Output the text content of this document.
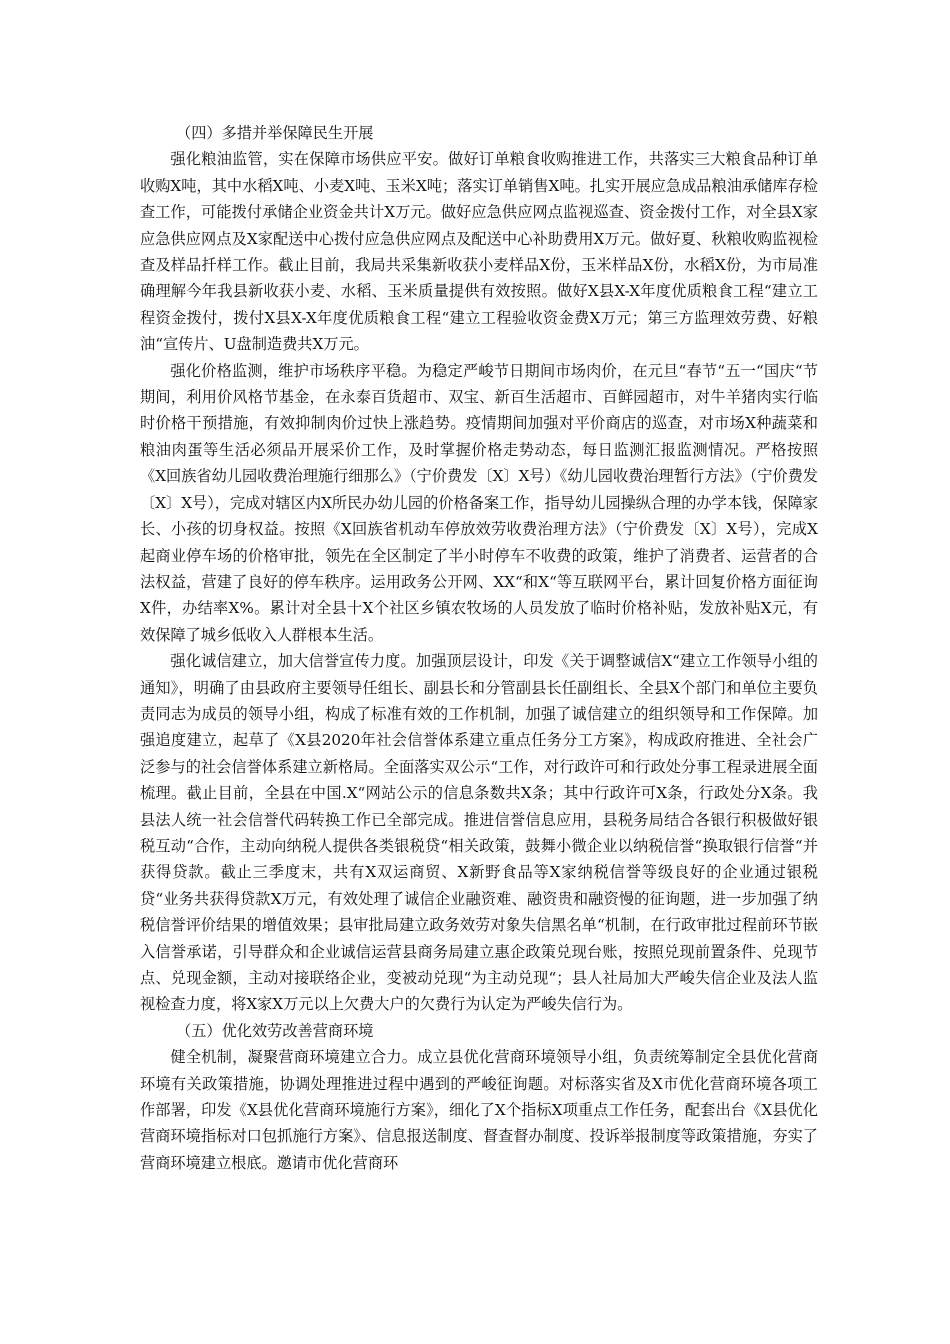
（四）多措并举保障民生开展

强化粮油监管，实在保障市场供应平安。做好订单粮食收购推进工作，共落实三大粮食品种订单收购X吨，其中水稻X吨、小麦X吨、玉米X吨；落实订单销售X吨。扎实开展应急成品粮油承储库存检查工作，可能拨付承储企业资金共计X万元。做好应急供应网点监视巡查、资金拨付工作，对全县X家应急供应网点及X家配送中心拨付应急供应网点及配送中心补助费用X万元。做好夏、秋粮收购监视检查及样品扦样工作。截止目前，我局共采集新收获小麦样品X份，玉米样品X份，水稻X份，为市局准确理解今年我县新收获小麦、水稻、玉米质量提供有效按照。做好X县X-X年度优质粮食工程“建立工程资金拨付，拨付X县X-X年度优质粮食工程“建立工程验收资金费X万元；第三方监理效劳费、好粮油“宣传片、U盘制造费共X万元。

强化价格监测，维护市场秩序平稳。为稳定严峻节日期间市场肉价，在元旦“春节“五一“国庆“节期间，利用价风格节基金，在永泰百货超市、双宝、新百生活超市、百鲜园超市，对牛羊猪肉实行临时价格干预措施，有效抑制肉价过快上涨趋势。疫情期间加强对平价商店的巡查，对市场X种蔬菜和粮油肉蛋等生活必须品开展采价工作，及时掌握价格走势动态，每日监测汇报监测情况。严格按照《X回族省幼儿园收费治理施行细那么》（宁价费发〔X〕X号）《幼儿园收费治理暂行方法》（宁价费发〔X〕X号），完成对辖区内X所民办幼儿园的价格备案工作，指导幼儿园操纵合理的办学本钱，保障家长、小孩的切身权益。按照《X回族省机动车停放效劳收费治理方法》（宁价费发〔X〕X号），完成X起商业停车场的价格审批，领先在全区制定了半小时停车不收费的政策，维护了消费者、运营者的合法权益，营建了良好的停车秩序。运用政务公开网、XX“和X“等互联网平台，累计回复价格方面征询X件，办结率X%。累计对全县十X个社区乡镇农牧场的人员发放了临时价格补贴，发放补贴X元，有效保障了城乡低收入人群根本生活。

强化诚信建立，加大信誉宣传力度。加强顶层设计，印发《关于调整诚信X“建立工作领导小组的通知》，明确了由县政府主要领导任组长、副县长和分管副县长任副组长、全县X个部门和单位主要负责同志为成员的领导小组，构成了标准有效的工作机制，加强了诚信建立的组织领导和工作保障。加强追度建立，起草了《X县2020年社会信誉体系建立重点任务分工方案》，构成政府推进、全社会广泛参与的社会信誉体系建立新格局。全面落实双公示“工作，对行政许可和行政处分事工程录进展全面梳理。截止目前，全县在中国.X“网站公示的信息条数共X条；其中行政许可X条，行政处分X条。我县法人统一社会信誉代码转换工作已全部完成。推进信誉信息应用，县税务局结合各银行积极做好银税互动“合作，主动向纳税人提供各类银税贷“相关政策，鼓舞小微企业以纳税信誉“换取银行信誉“并获得贷款。截止三季度末，共有X双运商贸、X新野食品等X家纳税信誉等级良好的企业通过银税贷“业务共获得贷款X万元，有效处理了诚信企业融资难、融资贵和融资慢的征询题，进一步加强了纳税信誉评价结果的增值效果；县审批局建立政务效劳对象失信黑名单“机制，在行政审批过程前环节嵌入信誉承诺，引导群众和企业诚信运营县商务局建立惠企政策兑现台账，按照兑现前置条件、兑现节点、兑现金额，主动对接联络企业，变被动兑现“为主动兑现“；县人社局加大严峻失信企业及法人监视检查力度，将X家X万元以上欠费大户的欠费行为认定为严峻失信行为。

（五）优化效劳改善营商环境

健全机制，凝聚营商环境建立合力。成立县优化营商环境领导小组，负责统筹制定全县优化营商环境有关政策措施，协调处理推进过程中遇到的严峻征询题。对标落实省及X市优化营商环境各项工作部署，印发《X县优化营商环境施行方案》，细化了X个指标X项重点工作任务，配套出台《X县优化营商环境指标对口包抓施行方案》、信息报送制度、督查督办制度、投诉举报制度等政策措施，夯实了营商环境建立根底。邀请市优化营商环
